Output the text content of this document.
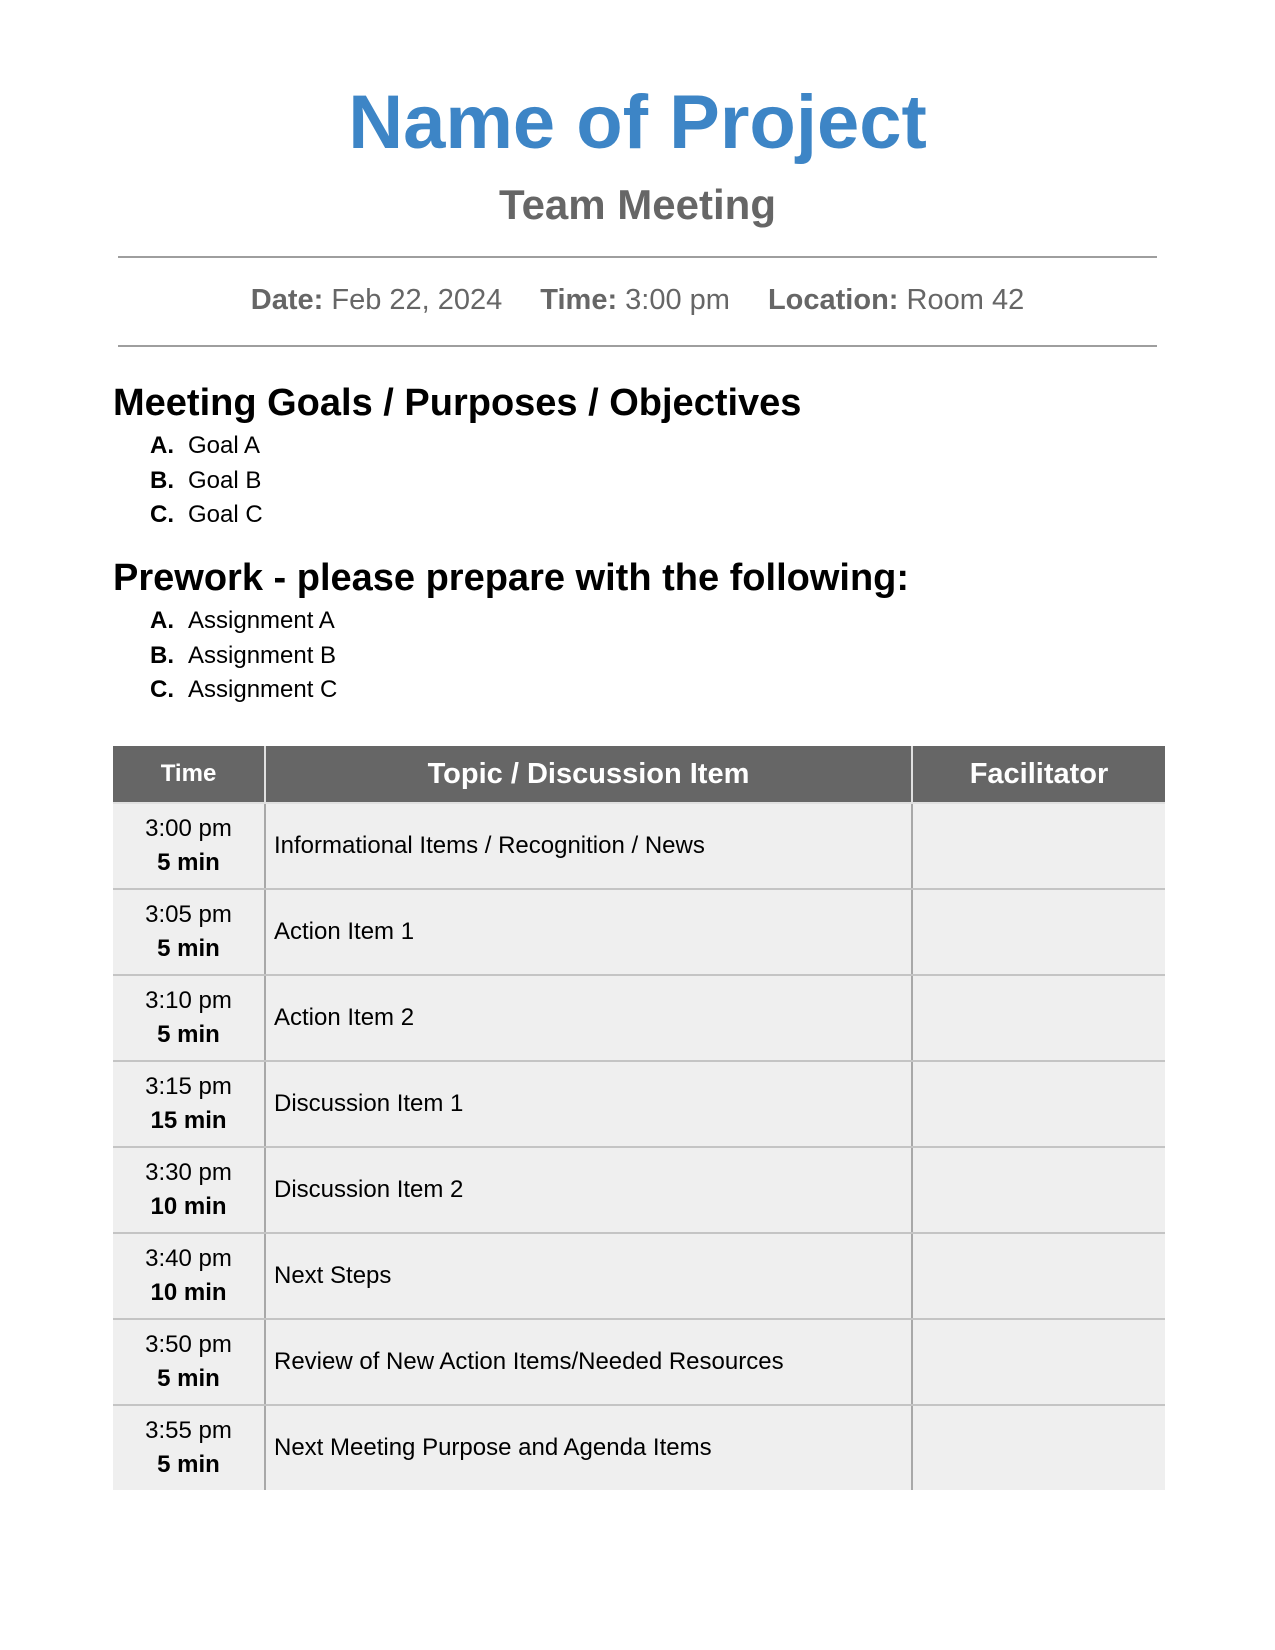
Name of Project
Team Meeting
Date: Feb 22, 2024 Time: 3:00 pm Location: Room 42
Meeting Goals / Purposes / Objectives
A. Goal A
B. Goal B
C. Goal C
Prework - please prepare with the following:
A. Assignment A
B. Assignment B
C. Assignment C
Time	Topic / Discussion Item	Facilitator

3:00 pm
5 min	Informational Items / Recognition / News	

3:05 pm
5 min	Action Item 1	

3:10 pm
5 min	Action Item 2	

3:15 pm
15 min	Discussion Item 1	

3:30 pm
10 min	Discussion Item 2	

3:40 pm
10 min	Next Steps	

3:50 pm
5 min	Review of New Action Items/Needed Resources	

3:55 pm
5 min	Next Meeting Purpose and Agenda Items	
